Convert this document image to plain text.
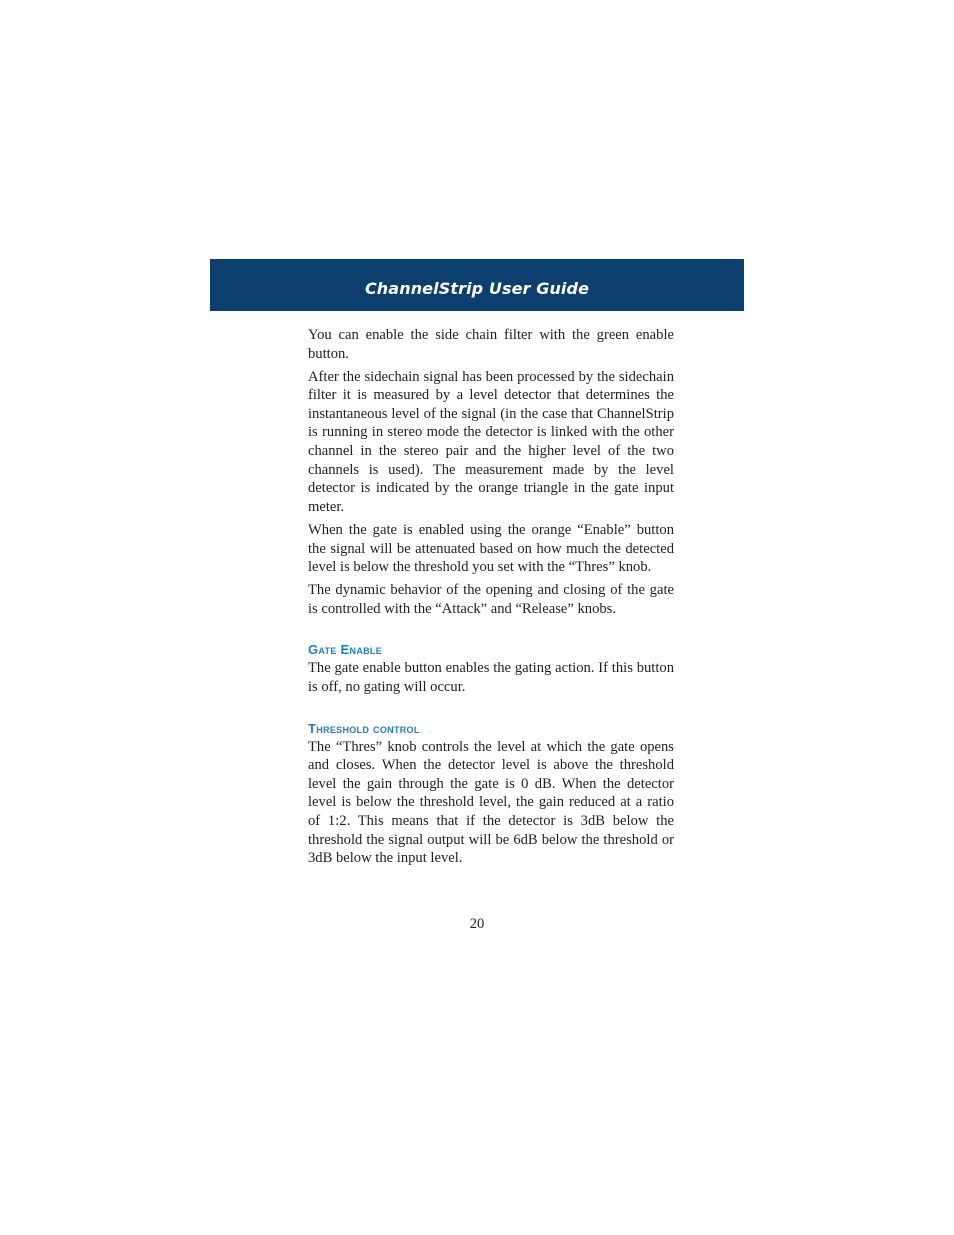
ChannelStrip User Guide

You can enable the side chain filter with the green enable button.

After the sidechain signal has been processed by the sidechain filter it is measured by a level detector that determines the instantaneous level of the signal (in the case that ChannelStrip is running in stereo mode the detector is linked with the other channel in the stereo pair and the higher level of the two channels is used). The measurement made by the level detector is indicated by the orange triangle in the gate input meter.

When the gate is enabled using the orange “Enable” button the signal will be attenuated based on how much the detected level is below the threshold you set with the “Thres” knob.

The dynamic behavior of the opening and closing of the gate is controlled with the “Attack” and “Release” knobs.

Gate Enable

The gate enable button enables the gating action. If this button is off, no gating will occur.

Threshold control

The “Thres” knob controls the level at which the gate opens and closes. When the detector level is above the threshold level the gain through the gate is 0 dB. When the detector level is below the threshold level, the gain reduced at a ratio of 1:2. This means that if the detector is 3dB below the threshold the signal output will be 6dB below the threshold or 3dB below the input level.

20
